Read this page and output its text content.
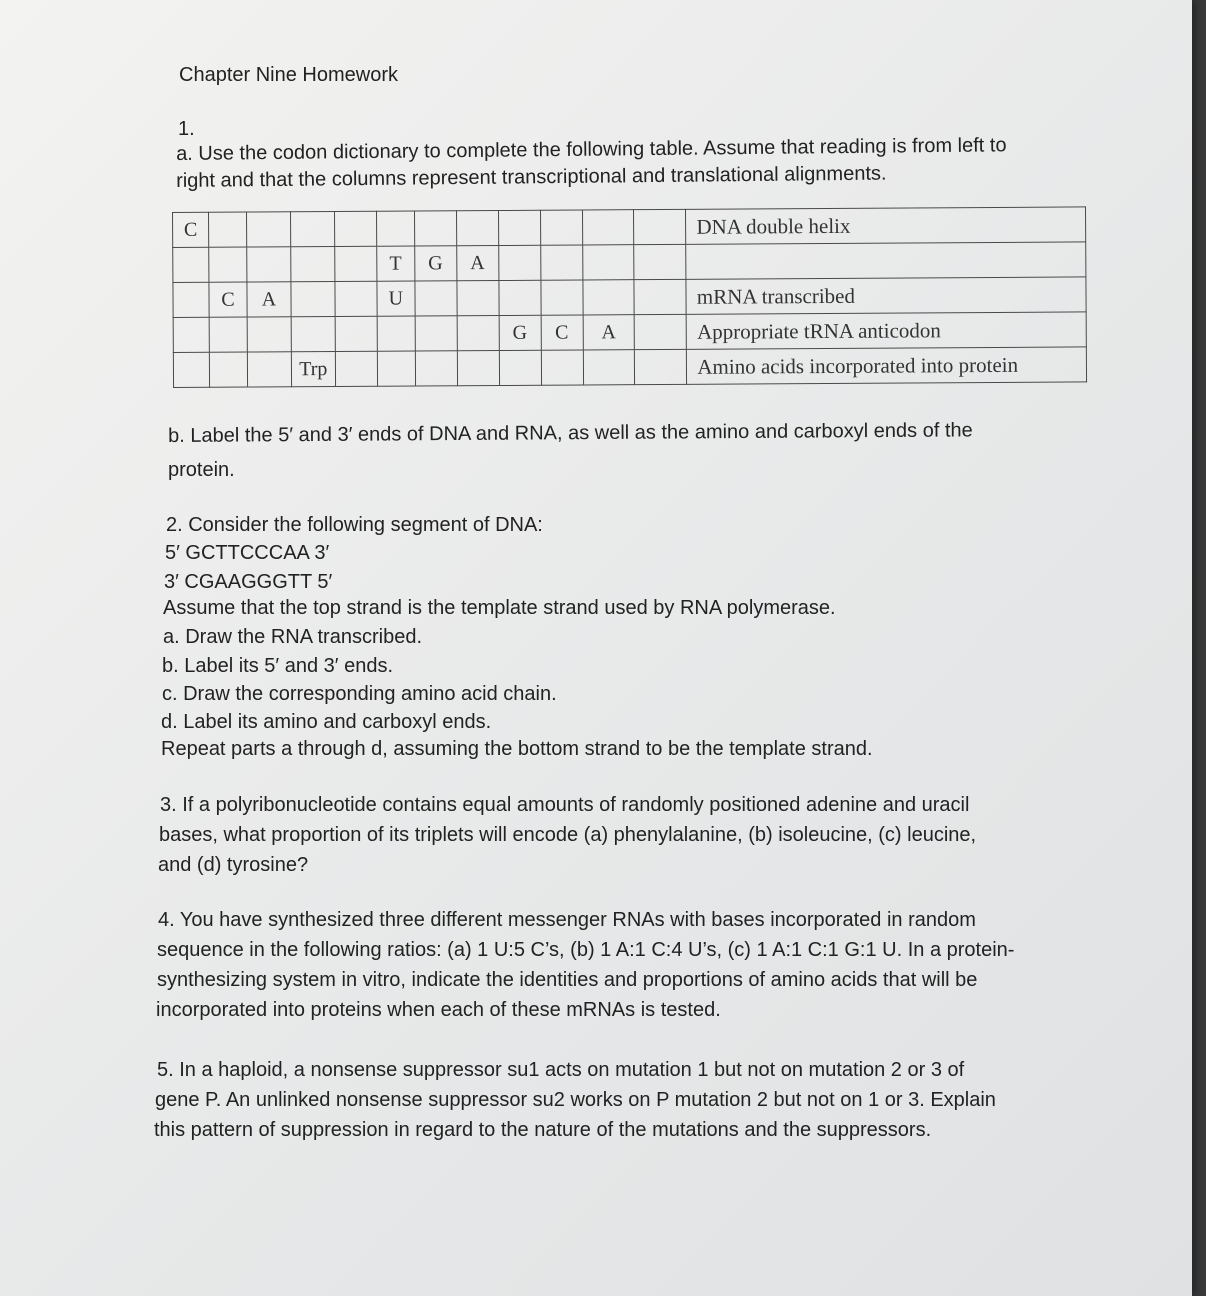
Chapter Nine Homework
1.
a. Use the codon dictionary to complete the following table. Assume that reading is from left to
right and that the columns represent transcriptional and translational alignments.
C												DNA double helix
					T	G	A					
	C	A			U							mRNA transcribed
								G	C	A		Appropriate tRNA anticodon
			Trp									Amino acids incorporated into protein
b. Label the 5′ and 3′ ends of DNA and RNA, as well as the amino and carboxyl ends of the
protein.
2. Consider the following segment of DNA:
5′ GCTTCCCAA 3′
3′ CGAAGGGTT 5′
Assume that the top strand is the template strand used by RNA polymerase.
a. Draw the RNA transcribed.
b. Label its 5′ and 3′ ends.
c. Draw the corresponding amino acid chain.
d. Label its amino and carboxyl ends.
Repeat parts a through d, assuming the bottom strand to be the template strand.
3. If a polyribonucleotide contains equal amounts of randomly positioned adenine and uracil
bases, what proportion of its triplets will encode (a) phenylalanine, (b) isoleucine, (c) leucine,
and (d) tyrosine?
4. You have synthesized three different messenger RNAs with bases incorporated in random
sequence in the following ratios: (a) 1 U:5 C’s, (b) 1 A:1 C:4 U’s, (c) 1 A:1 C:1 G:1 U. In a protein-
synthesizing system in vitro, indicate the identities and proportions of amino acids that will be
incorporated into proteins when each of these mRNAs is tested.
5. In a haploid, a nonsense suppressor su1 acts on mutation 1 but not on mutation 2 or 3 of
gene P. An unlinked nonsense suppressor su2 works on P mutation 2 but not on 1 or 3. Explain
this pattern of suppression in regard to the nature of the mutations and the suppressors.
